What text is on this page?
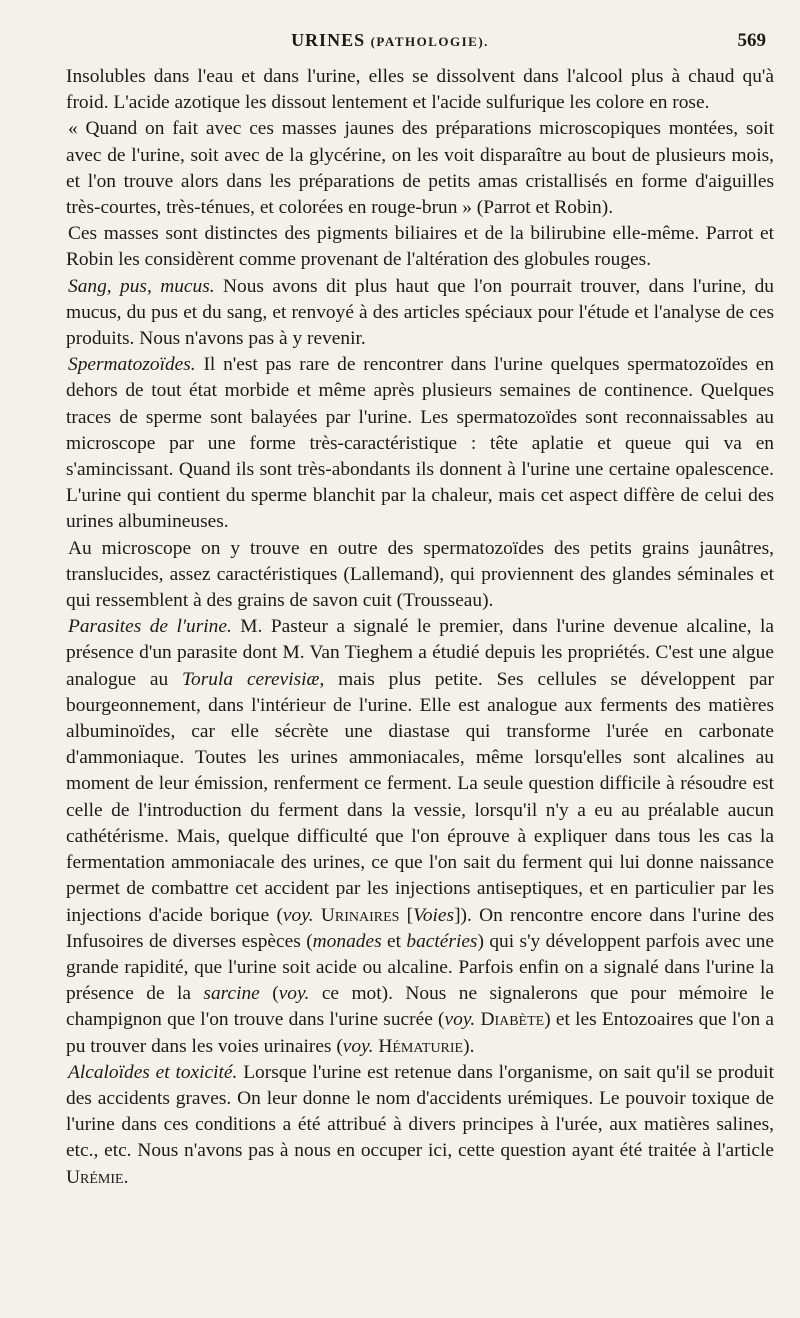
URINES (PATHOLOGIE).	569

Insolubles dans l'eau et dans l'urine, elles se dissolvent dans l'alcool plus à chaud qu'à froid. L'acide azotique les dissout lentement et l'acide sulfurique les colore en rose.

« Quand on fait avec ces masses jaunes des préparations microscopiques montées, soit avec de l'urine, soit avec de la glycérine, on les voit disparaître au bout de plusieurs mois, et l'on trouve alors dans les préparations de petits amas cristallisés en forme d'aiguilles très-courtes, très-ténues, et colorées en rouge-brun » (Parrot et Robin).

Ces masses sont distinctes des pigments biliaires et de la bilirubine elle-même. Parrot et Robin les considèrent comme provenant de l'altération des globules rouges.

Sang, pus, mucus. Nous avons dit plus haut que l'on pourrait trouver, dans l'urine, du mucus, du pus et du sang, et renvoyé à des articles spéciaux pour l'étude et l'analyse de ces produits. Nous n'avons pas à y revenir.

Spermatozoïdes. Il n'est pas rare de rencontrer dans l'urine quelques spermatozoïdes en dehors de tout état morbide et même après plusieurs semaines de continence. Quelques traces de sperme sont balayées par l'urine. Les spermatozoïdes sont reconnaissables au microscope par une forme très-caractéristique : tête aplatie et queue qui va en s'amincissant. Quand ils sont très-abondants ils donnent à l'urine une certaine opalescence. L'urine qui contient du sperme blanchit par la chaleur, mais cet aspect diffère de celui des urines albumineuses.

Au microscope on y trouve en outre des spermatozoïdes des petits grains jaunâtres, translucides, assez caractéristiques (Lallemand), qui proviennent des glandes séminales et qui ressemblent à des grains de savon cuit (Trousseau).

Parasites de l'urine. M. Pasteur a signalé le premier, dans l'urine devenue alcaline, la présence d'un parasite dont M. Van Tieghem a étudié depuis les propriétés. C'est une algue analogue au Torula cerevisiæ, mais plus petite. Ses cellules se développent par bourgeonnement, dans l'intérieur de l'urine. Elle est analogue aux ferments des matières albuminoïdes, car elle sécrète une diastase qui transforme l'urée en carbonate d'ammoniaque. Toutes les urines ammoniacales, même lorsqu'elles sont alcalines au moment de leur émission, renferment ce ferment. La seule question difficile à résoudre est celle de l'introduction du ferment dans la vessie, lorsqu'il n'y a eu au préalable aucun cathétérisme. Mais, quelque difficulté que l'on éprouve à expliquer dans tous les cas la fermentation ammoniacale des urines, ce que l'on sait du ferment qui lui donne naissance permet de combattre cet accident par les injections antiseptiques, et en particulier par les injections d'acide borique (voy. Urinaires [Voies]). On rencontre encore dans l'urine des Infusoires de diverses espèces (monades et bactéries) qui s'y développent parfois avec une grande rapidité, que l'urine soit acide ou alcaline. Parfois enfin on a signalé dans l'urine la présence de la sarcine (voy. ce mot). Nous ne signalerons que pour mémoire le champignon que l'on trouve dans l'urine sucrée (voy. Diabète) et les Entozoaires que l'on a pu trouver dans les voies urinaires (voy. Hématurie).

Alcaloïdes et toxicité. Lorsque l'urine est retenue dans l'organisme, on sait qu'il se produit des accidents graves. On leur donne le nom d'accidents urémiques. Le pouvoir toxique de l'urine dans ces conditions a été attribué à divers principes à l'urée, aux matières salines, etc., etc. Nous n'avons pas à nous en occuper ici, cette question ayant été traitée à l'article Urémie.
